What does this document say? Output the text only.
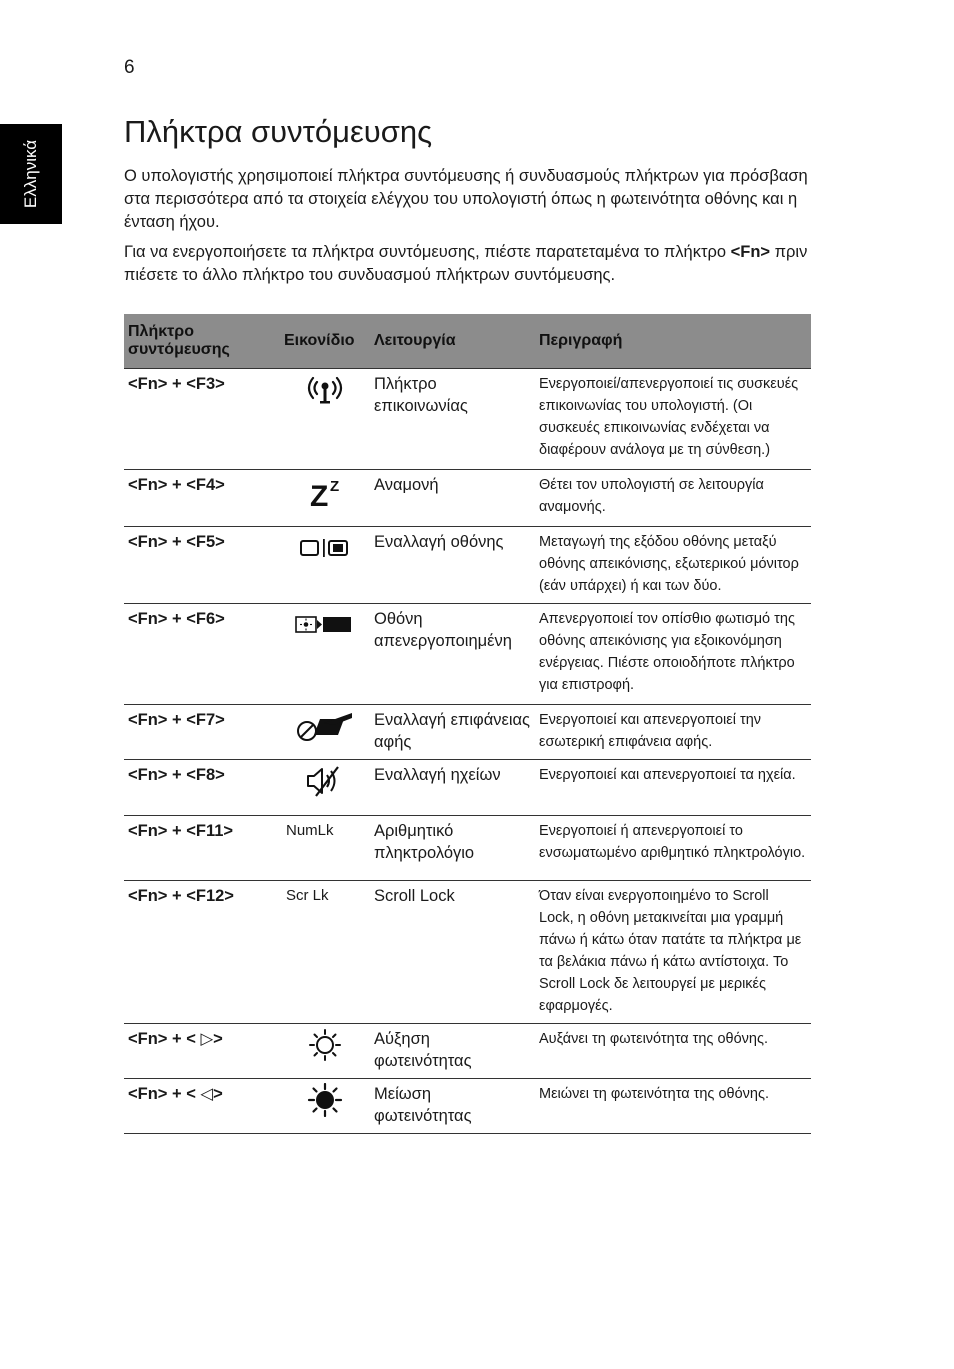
6
Ελληνικά
Πλήκτρα συντόμευσης

Ο υπολογιστής χρησιμοποιεί πλήκτρα συντόμευσης ή συνδυασμούς πλήκτρων για πρόσβαση στα περισσότερα από τα στοιχεία ελέγχου του υπολογιστή όπως η φωτεινότητα οθόνης και η ένταση ήχου.

Για να ενεργοποιήσετε τα πλήκτρα συντόμευσης, πιέστε παρατεταμένα το πλήκτρο <Fn> πριν πιέσετε το άλλο πλήκτρο του συνδυασμού πλήκτρων συντόμευσης.

Πλήκτρο συντόμευσης	Εικονίδιο	Λειτουργία	Περιγραφή
<Fn> + <F3>		Πλήκτρο επικοινωνίας	Ενεργοποιεί/απενεργοποιεί τις συσκευές επικοινωνίας του υπολογιστή. (Οι συσκευές επικοινωνίας ενδέχεται να διαφέρουν ανάλογα με τη σύνθεση.)
<Fn> + <F4>	Z Z	Αναμονή	Θέτει τον υπολογιστή σε λειτουργία αναμονής.
<Fn> + <F5>		Εναλλαγή οθόνης	Μεταγωγή της εξόδου οθόνης μεταξύ οθόνης απεικόνισης, εξωτερικού μόνιτορ (εάν υπάρχει) ή και των δύο.
<Fn> + <F6>		Οθόνη απενεργοποιημένη	Απενεργοποιεί τον οπίσθιο φωτισμό της οθόνης απεικόνισης για εξοικονόμηση ενέργειας. Πιέστε οποιοδήποτε πλήκτρο για επιστροφή.
<Fn> + <F7>		Εναλλαγή επιφάνειας αφής	Ενεργοποιεί και απενεργοποιεί την εσωτερική επιφάνεια αφής.
<Fn> + <F8>		Εναλλαγή ηχείων	Ενεργοποιεί και απενεργοποιεί τα ηχεία.
<Fn> + <F11>	NumLk	Αριθμητικό πληκτρολόγιο	Ενεργοποιεί ή απενεργοποιεί το ενσωματωμένο αριθμητικό πληκτρολόγιο.
<Fn> + <F12>	Scr Lk	Scroll Lock	Όταν είναι ενεργοποιημένο το Scroll Lock, η οθόνη μετακινείται μια γραμμή πάνω ή κάτω όταν πατάτε τα πλήκτρα με τα βελάκια πάνω ή κάτω αντίστοιχα. Το Scroll Lock δε λειτουργεί με μερικές εφαρμογές.
<Fn> + < ▷>		Αύξηση φωτεινότητας	Αυξάνει τη φωτεινότητα της οθόνης.
<Fn> + < ◁>		Μείωση φωτεινότητας	Μειώνει τη φωτεινότητα της οθόνης.
